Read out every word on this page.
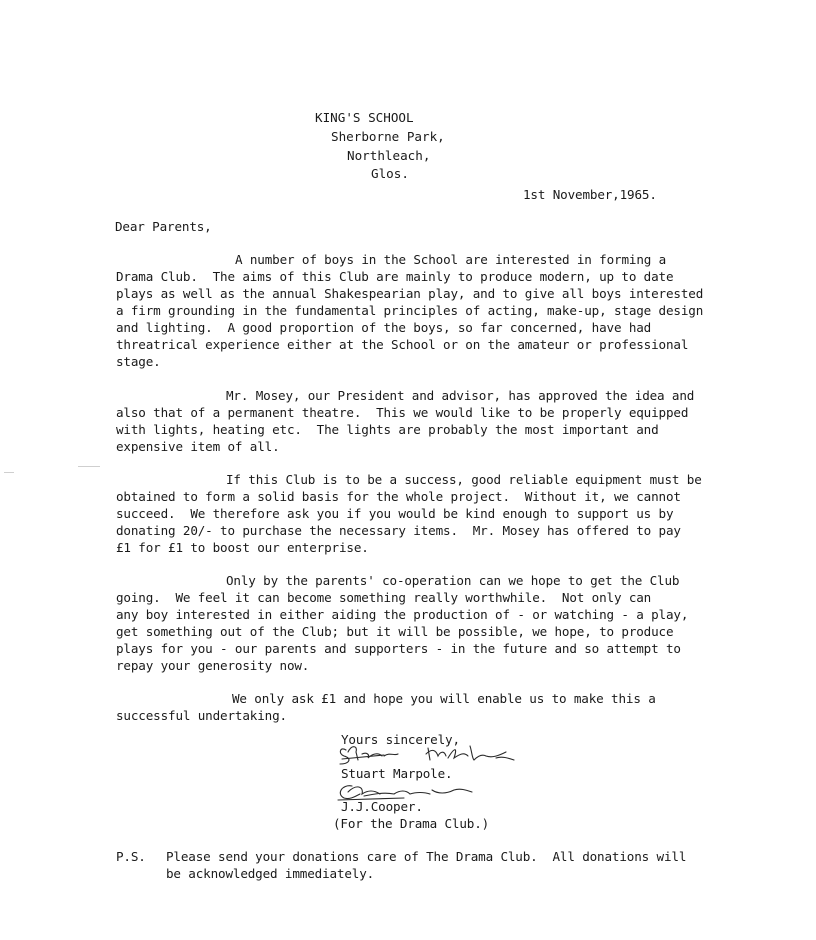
KING'S SCHOOL
Sherborne Park,
Northleach,
Glos.
1st November,1965.
Dear Parents,
A number of boys in the School are interested in forming a
Drama Club.  The aims of this Club are mainly to produce modern, up to date
plays as well as the annual Shakespearian play, and to give all boys interested
a firm grounding in the fundamental principles of acting, make-up, stage design
and lighting.  A good proportion of the boys, so far concerned, have had
threatrical experience either at the School or on the amateur or professional
stage.
Mr. Mosey, our President and advisor, has approved the idea and
also that of a permanent theatre.  This we would like to be properly equipped
with lights, heating etc.  The lights are probably the most important and
expensive item of all.
If this Club is to be a success, good reliable equipment must be
obtained to form a solid basis for the whole project.  Without it, we cannot
succeed.  We therefore ask you if you would be kind enough to support us by
donating 20/- to purchase the necessary items.  Mr. Mosey has offered to pay
£1 for £1 to boost our enterprise.
Only by the parents' co-operation can we hope to get the Club
going.  We feel it can become something really worthwhile.  Not only can
any boy interested in either aiding the production of - or watching - a play,
get something out of the Club; but it will be possible, we hope, to produce
plays for you - our parents and supporters - in the future and so attempt to
repay your generosity now.
We only ask £1 and hope you will enable us to make this a
successful undertaking.
Yours sincerely,
Stuart Marpole.
J.J.Cooper.
(For the Drama Club.)
P.S. Please send your donations care of The Drama Club.  All donations will
be acknowledged immediately.
